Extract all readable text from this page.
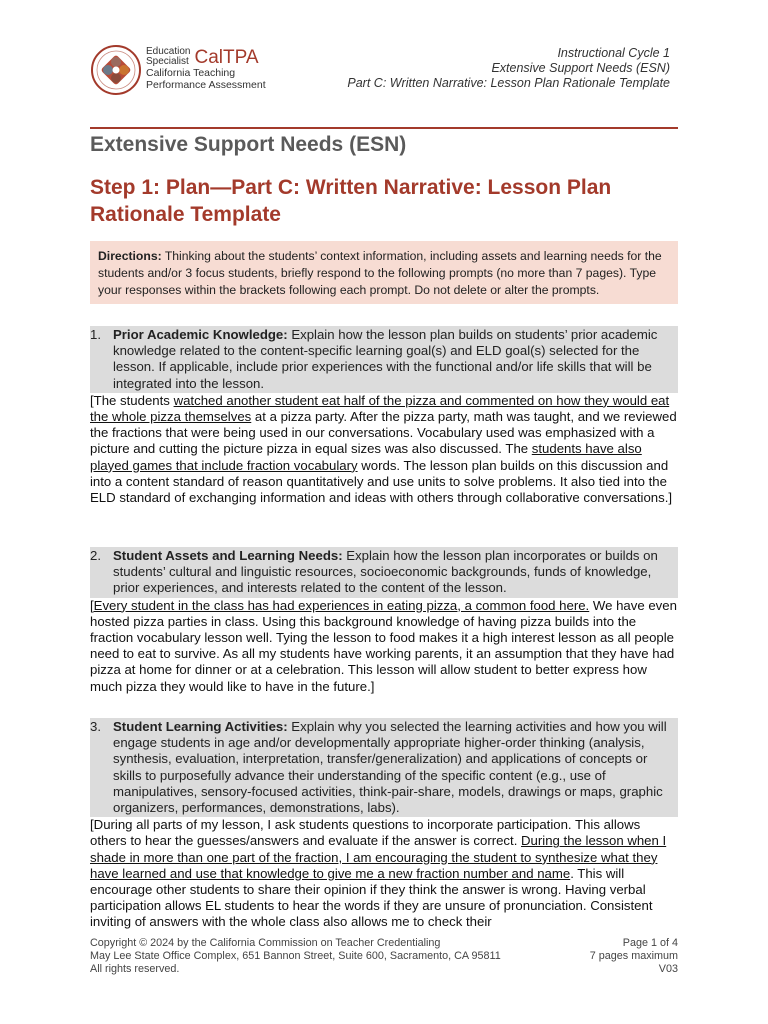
Education
Specialist CalTPA
California Teaching
Performance Assessment
Instructional Cycle 1
Extensive Support Needs (ESN)
Part C: Written Narrative: Lesson Plan Rationale Template
Extensive Support Needs (ESN)
Step 1: Plan—Part C: Written Narrative: Lesson Plan Rationale Template
Directions: Thinking about the students’ context information, including assets and learning needs for the students and/or 3 focus students, briefly respond to the following prompts (no more than 7 pages). Type your responses within the brackets following each prompt. Do not delete or alter the prompts.
1. Prior Academic Knowledge: Explain how the lesson plan builds on students’ prior academic knowledge related to the content-specific learning goal(s) and ELD goal(s) selected for the lesson. If applicable, include prior experiences with the functional and/or life skills that will be integrated into the lesson.
[The students watched another student eat half of the pizza and commented on how they would eat the whole pizza themselves at a pizza party. After the pizza party, math was taught, and we reviewed the fractions that were being used in our conversations. Vocabulary used was emphasized with a picture and cutting the picture pizza in equal sizes was also discussed. The students have also played games that include fraction vocabulary words. The lesson plan builds on this discussion and into a content standard of reason quantitatively and use units to solve problems. It also tied into the ELD standard of exchanging information and ideas with others through collaborative conversations.]
2. Student Assets and Learning Needs: Explain how the lesson plan incorporates or builds on students’ cultural and linguistic resources, socioeconomic backgrounds, funds of knowledge, prior experiences, and interests related to the content of the lesson.
[Every student in the class has had experiences in eating pizza, a common food here. We have even hosted pizza parties in class. Using this background knowledge of having pizza builds into the fraction vocabulary lesson well. Tying the lesson to food makes it a high interest lesson as all people need to eat to survive. As all my students have working parents, it an assumption that they have had pizza at home for dinner or at a celebration. This lesson will allow student to better express how much pizza they would like to have in the future.]
3. Student Learning Activities: Explain why you selected the learning activities and how you will engage students in age and/or developmentally appropriate higher-order thinking (analysis, synthesis, evaluation, interpretation, transfer/generalization) and applications of concepts or skills to purposefully advance their understanding of the specific content (e.g., use of manipulatives, sensory-focused activities, think-pair-share, models, drawings or maps, graphic organizers, performances, demonstrations, labs).
[During all parts of my lesson, I ask students questions to incorporate participation. This allows others to hear the guesses/answers and evaluate if the answer is correct. During the lesson when I shade in more than one part of the fraction, I am encouraging the student to synthesize what they have learned and use that knowledge to give me a new fraction number and name. This will encourage other students to share their opinion if they think the answer is wrong. Having verbal participation allows EL students to hear the words if they are unsure of pronunciation. Consistent inviting of answers with the whole class also allows me to check their
Copyright © 2024 by the California Commission on Teacher Credentialing
May Lee State Office Complex, 651 Bannon Street, Suite 600, Sacramento, CA 95811
All rights reserved.
Page 1 of 4
7 pages maximum
V03
